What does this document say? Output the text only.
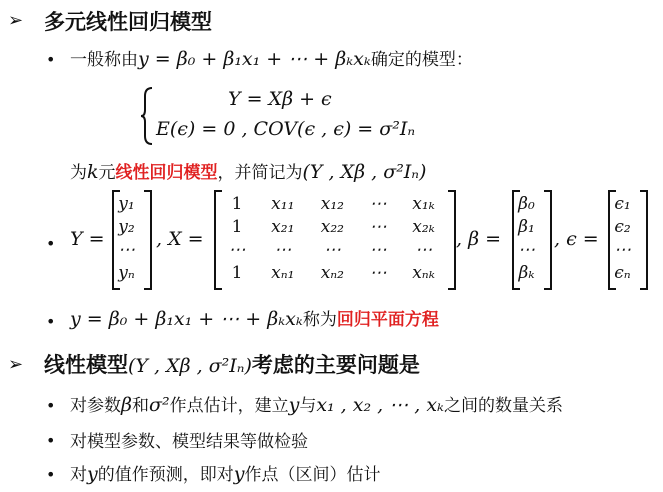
➢ 多元线性回归模型
• 一般称由y = β₀ + β₁x₁ + ⋯ + βₖxₖ确定的模型：
Y = Xβ + ϵ
E(ϵ) = 0 , COV(ϵ , ϵ) = σ²Iₙ
为k元线性回归模型，并简记为(Y , Xβ , σ²Iₙ)
• Y =
y₁
y₂
⋯
yₙ
, X =
1	x₁₁	x₁₂	⋯	x₁ₖ
1	x₂₁	x₂₂	⋯	x₂ₖ
⋯	⋯	⋯	⋯	⋯
1	xₙ₁	xₙ₂	⋯	xₙₖ
, β =
β₀
β₁
⋯
βₖ
, ϵ =
ϵ₁
ϵ₂
⋯
ϵₙ
• y = β₀ + β₁x₁ + ⋯ + βₖxₖ称为回归平面方程
➢ 线性模型(Y , Xβ , σ²Iₙ)考虑的主要问题是
• 对参数β和σ²作点估计，建立y与x₁ , x₂ , ⋯ , xₖ之间的数量关系
• 对模型参数、模型结果等做检验
• 对y的值作预测，即对y作点（区间）估计
